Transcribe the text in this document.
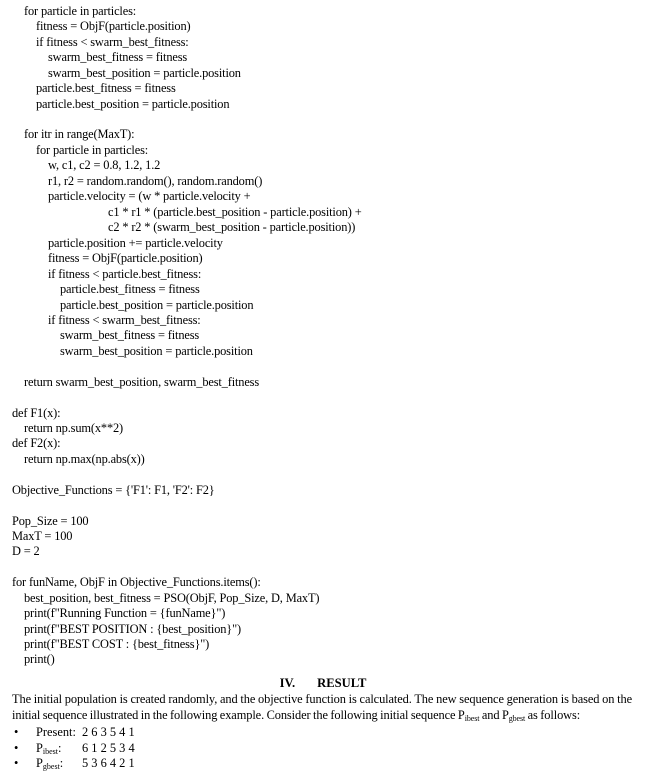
for particle in particles:
fitness = ObjF(particle.position)
if fitness < swarm_best_fitness:
swarm_best_fitness = fitness
swarm_best_position = particle.position
particle.best_fitness = fitness
particle.best_position = particle.position
for itr in range(MaxT):
for particle in particles:
w, c1, c2 = 0.8, 1.2, 1.2
r1, r2 = random.random(), random.random()
particle.velocity = (w * particle.velocity +
c1 * r1 * (particle.best_position - particle.position) +
c2 * r2 * (swarm_best_position - particle.position))
particle.position += particle.velocity
fitness = ObjF(particle.position)
if fitness < particle.best_fitness:
particle.best_fitness = fitness
particle.best_position = particle.position
if fitness < swarm_best_fitness:
swarm_best_fitness = fitness
swarm_best_position = particle.position
return swarm_best_position, swarm_best_fitness
def F1(x):
return np.sum(x**2)
def F2(x):
return np.max(np.abs(x))
Objective_Functions = {'F1': F1, 'F2': F2}
Pop_Size = 100
MaxT = 100
D = 2
for funName, ObjF in Objective_Functions.items():
best_position, best_fitness = PSO(ObjF, Pop_Size, D, MaxT)
print(f"Running Function = {funName}")
print(f"BEST POSITION : {best_position}")
print(f"BEST COST : {best_fitness}")
print()
IV. RESULT
The initial population is created randomly, and the objective function is calculated. The new sequence generation is based on the
initial sequence illustrated in the following example. Consider the following initial sequence $P_{ibest}$ and $P_{gbest}$ as follows:
• Present: 2 6 3 5 4 1
• $P_{ibest}$: 6 1 2 5 3 4
• $P_{gbest}$: 5 3 6 4 2 1
